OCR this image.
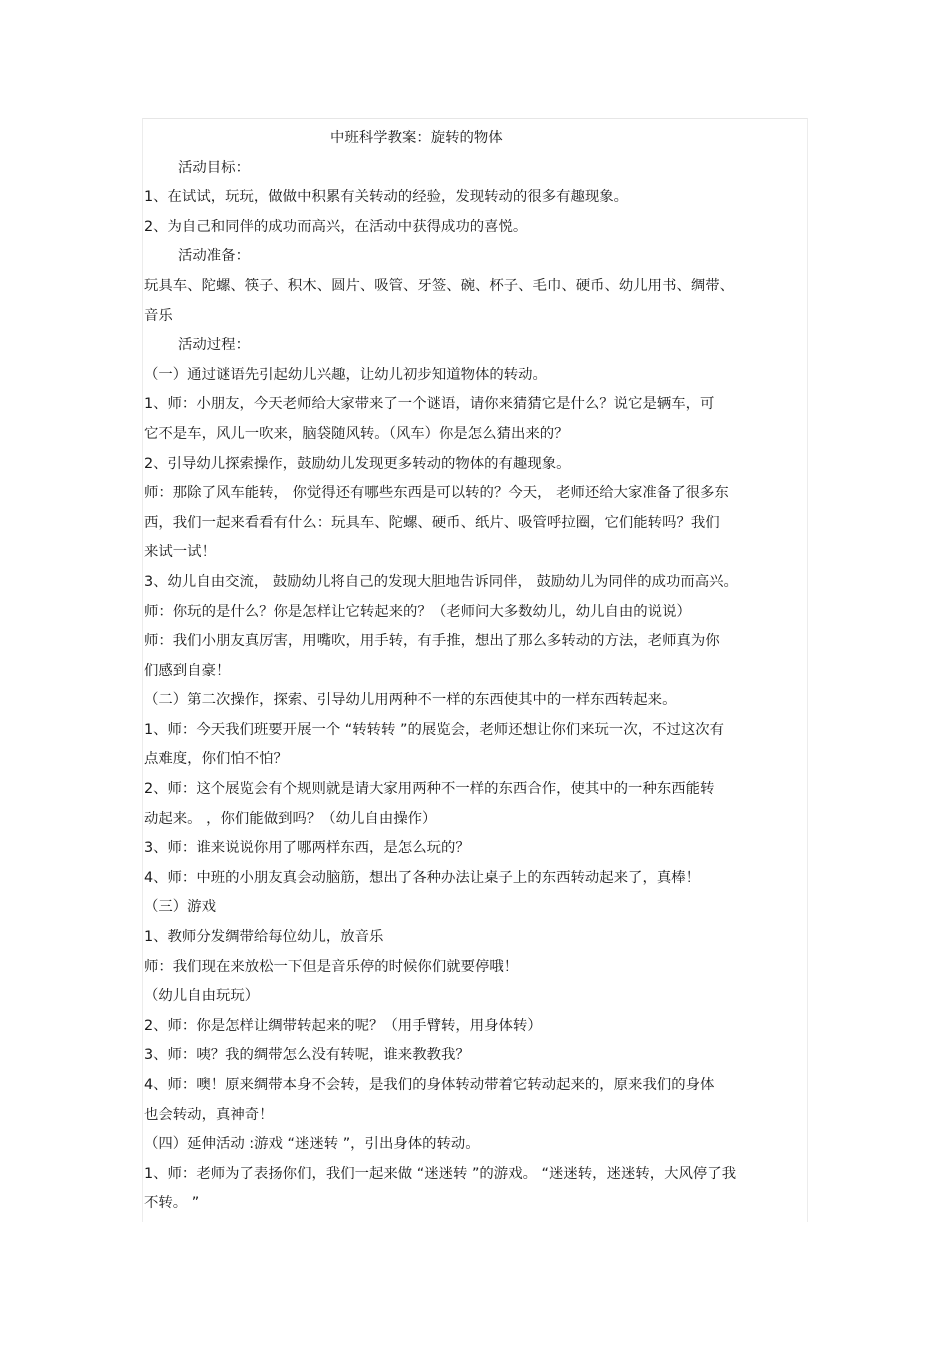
中班科学教案：旋转的物体
活动目标：
1、在试试，玩玩，做做中积累有关转动的经验，发现转动的很多有趣现象。
2、为自己和同伴的成功而高兴，在活动中获得成功的喜悦。
活动准备：
玩具车、陀螺、筷子、积木、圆片、吸管、牙签、碗、杯子、毛巾、硬币、幼儿用书、绸带、
音乐
活动过程：
（一）通过谜语先引起幼儿兴趣，让幼儿初步知道物体的转动。
1、师：小朋友，今天老师给大家带来了一个谜语，请你来猜猜它是什么？说它是辆车，可
它不是车，风儿一吹来，脑袋随风转。（风车）你是怎么猜出来的？
2、引导幼儿探索操作，鼓励幼儿发现更多转动的物体的有趣现象。
师：那除了风车能转， 你觉得还有哪些东西是可以转的？今天， 老师还给大家准备了很多东
西，我们一起来看看有什么：玩具车、陀螺、硬币、纸片、吸管呼拉圈，它们能转吗？我们
来试一试！
3、幼儿自由交流， 鼓励幼儿将自己的发现大胆地告诉同伴， 鼓励幼儿为同伴的成功而高兴。
师：你玩的是什么？你是怎样让它转起来的？（老师问大多数幼儿，幼儿自由的说说）
师：我们小朋友真厉害，用嘴吹，用手转，有手推，想出了那么多转动的方法，老师真为你
们感到自豪！
（二）第二次操作，探索、引导幼儿用两种不一样的东西使其中的一样东西转起来。
1、师：今天我们班要开展一个 “转转转 ”的展览会，老师还想让你们来玩一次，不过这次有
点难度，你们怕不怕？
2、师：这个展览会有个规则就是请大家用两种不一样的东西合作，使其中的一种东西能转
动起来。 ，你们能做到吗？（幼儿自由操作）
3、师：谁来说说你用了哪两样东西，是怎么玩的？
4、师：中班的小朋友真会动脑筋，想出了各种办法让桌子上的东西转动起来了，真棒！
（三）游戏
1、教师分发绸带给每位幼儿，放音乐
师：我们现在来放松一下但是音乐停的时候你们就要停哦！
（幼儿自由玩玩）
2、师：你是怎样让绸带转起来的呢？（用手臂转，用身体转）
3、师：咦？我的绸带怎么没有转呢，谁来教教我？
4、师：噢！原来绸带本身不会转，是我们的身体转动带着它转动起来的，原来我们的身体
也会转动，真神奇！
（四）延伸活动 :游戏 “迷迷转 ”，引出身体的转动。
1、师：老师为了表扬你们，我们一起来做 “迷迷转 ”的游戏。 “迷迷转，迷迷转，大风停了我
不转。 ”
